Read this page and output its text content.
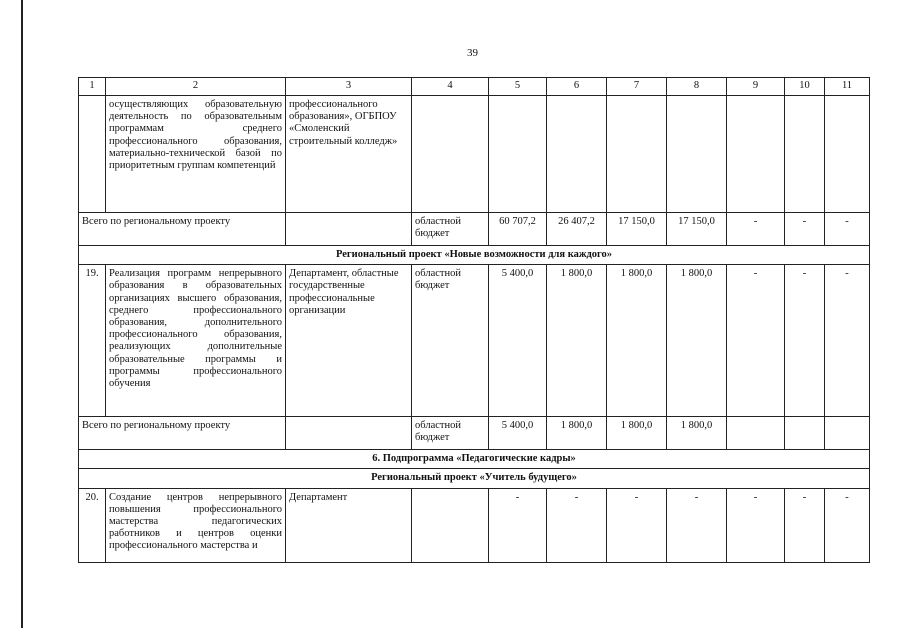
39
1	2	3	4	5	6	7	8	9	10	11
	осуществляющих образовательную деятельность по образовательным программам среднего профессионального образования, материально-технической базой по приоритетным группам компетенций	профессионального образования», ОГБПОУ «Смоленский строительный колледж»								
Всего по региональному проекту			областной бюджет	60 707,2	26 407,2	17 150,0	17 150,0	-	-	-
Региональный проект «Новые возможности для каждого»										
19.	Реализация программ непрерывного образования в образовательных организациях высшего образования, среднего профессионального образования, дополнительного профессионального образования, реализующих дополнительные образовательные программы и программы профессионального обучения	Департамент, областные государственные профессиональные организации	областной бюджет	5 400,0	1 800,0	1 800,0	1 800,0	-	-	-
Всего по региональному проекту			областной бюджет	5 400,0	1 800,0	1 800,0	1 800,0			
6. Подпрограмма «Педагогические кадры»										
Региональный проект «Учитель будущего»										
20.	Создание центров непрерывного повышения профессионального мастерства педагогических работников и центров оценки профессионального мастерства и	Департамент		-	-	-	-	-	-	-
